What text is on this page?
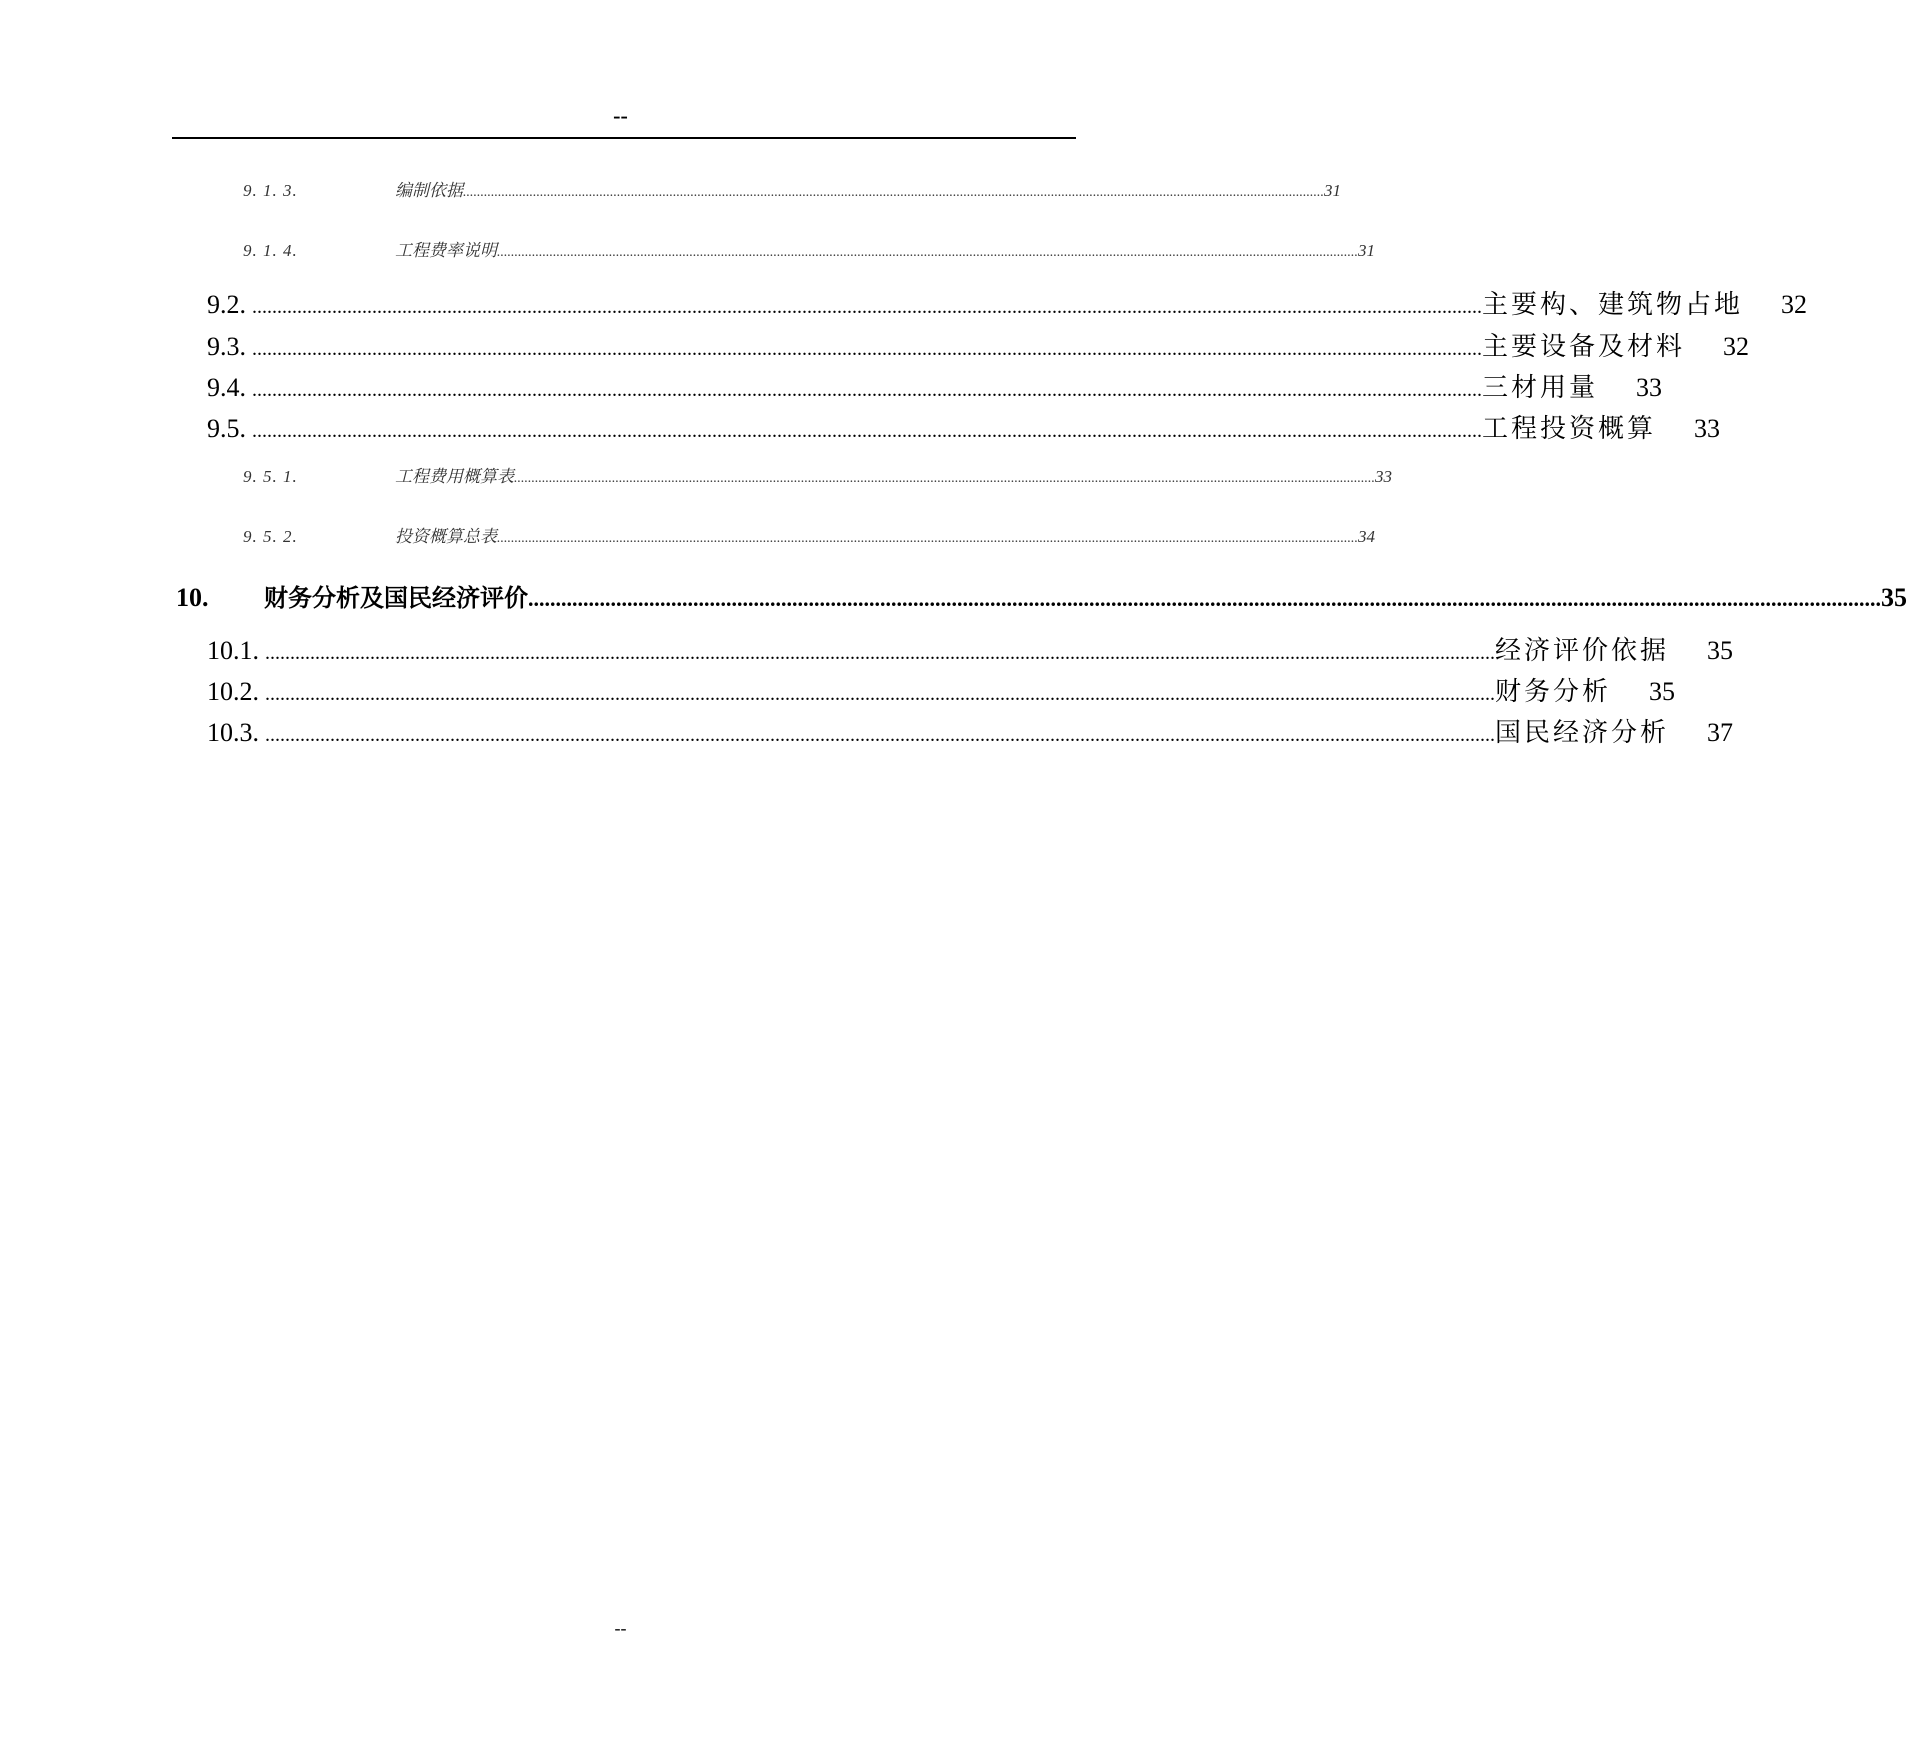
--
9. 1. 3.	编制依据 ...................................................................................................................................................................................................................................................... 31
9. 1. 4.	工程费率说明 ...................................................................................................................................................................................................................................................... 31
9.2. ...................................................................................................................................................................................................................................................... 主要构、建筑物占地	32
9.3. ...................................................................................................................................................................................................................................................... 主要设备及材料	32
9.4. ...................................................................................................................................................................................................................................................... 三材用量	33
9.5. ...................................................................................................................................................................................................................................................... 工程投资概算	33
9. 5. 1.	工程费用概算表 ...................................................................................................................................................................................................................................................... 33
9. 5. 2.	投资概算总表 ...................................................................................................................................................................................................................................................... 34
10.	财务分析及国民经济评价 ...................................................................................................................................................................................................................................................... 35
10.1. ...................................................................................................................................................................................................................................................... 经济评价依据	35
10.2. ...................................................................................................................................................................................................................................................... 财务分析	35
10.3. ...................................................................................................................................................................................................................................................... 国民经济分析	37
--
